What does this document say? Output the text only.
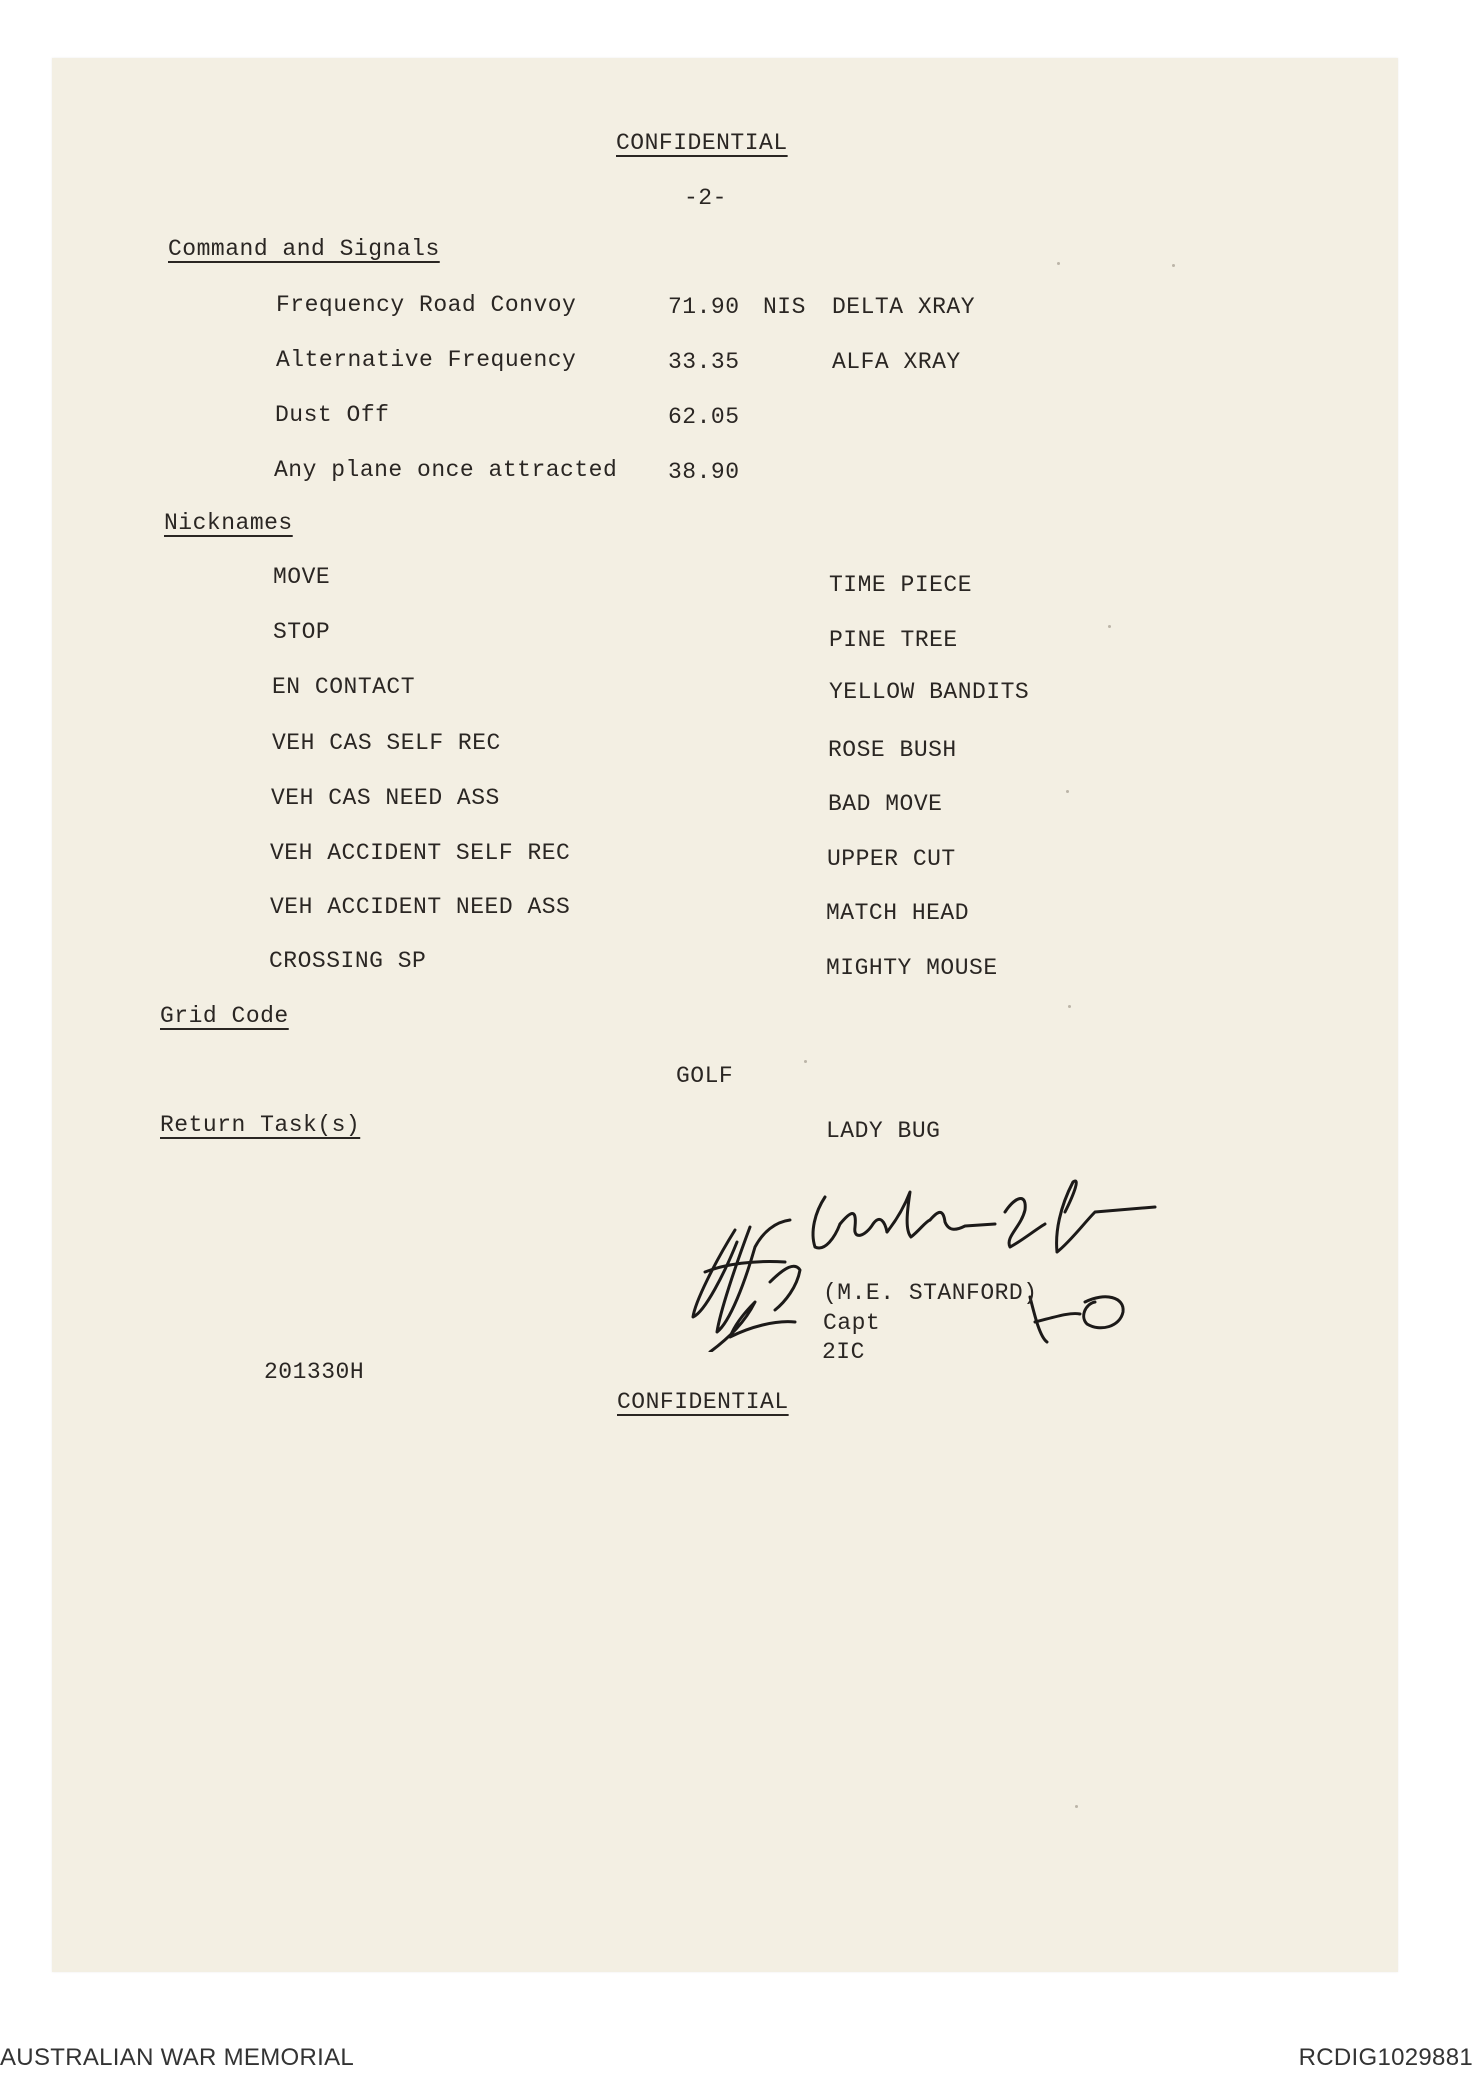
CONFIDENTIAL
-2-
Command and Signals
Frequency Road Convoy	71.90 NIS DELTA XRAY
Alternative Frequency	33.35	ALFA XRAY
Dust Off	62.05
Any plane once attracted 38.90
Nicknames
MOVE	TIME PIECE
STOP	PINE TREE
EN CONTACT	YELLOW BANDITS
VEH CAS SELF REC	ROSE BUSH
VEH CAS NEED ASS	BAD MOVE
VEH ACCIDENT SELF REC	UPPER CUT
VEH ACCIDENT NEED ASS	MATCH HEAD
CROSSING SP	MIGHTY MOUSE
Grid Code
GOLF
Return Task(s)	LADY BUG
(M.E. STANFORD)
Capt
2IC
201330H
CONFIDENTIAL
AUSTRALIAN WAR MEMORIAL	RCDIG1029881
